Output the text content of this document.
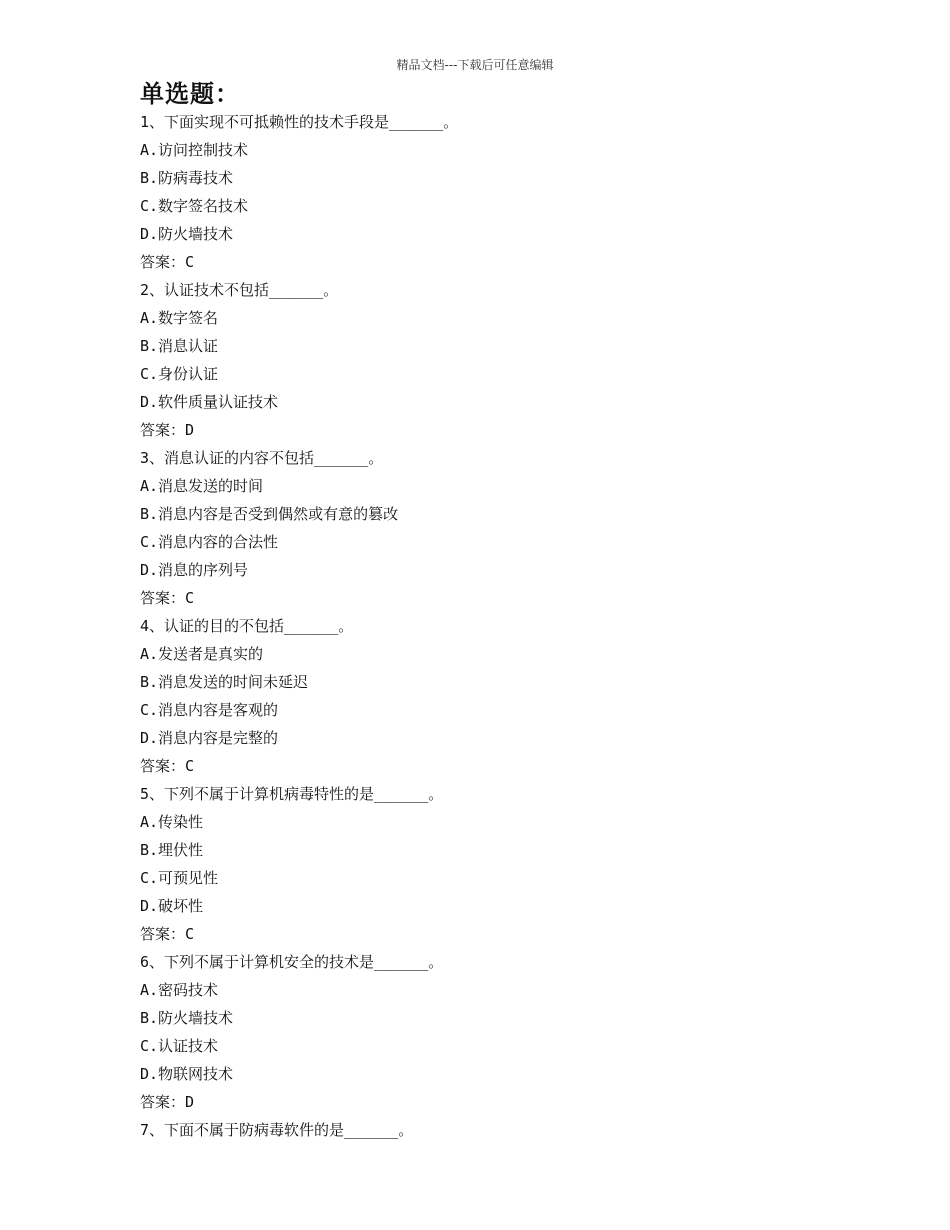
精品文档---下载后可任意编辑
单选题：
1、下面实现不可抵赖性的技术手段是______。
A.访问控制技术
B.防病毒技术
C.数字签名技术
D.防火墙技术
答案：C
2、认证技术不包括______。
A.数字签名
B.消息认证
C.身份认证
D.软件质量认证技术
答案：D
3、消息认证的内容不包括______。
A.消息发送的时间
B.消息内容是否受到偶然或有意的篡改
C.消息内容的合法性
D.消息的序列号
答案：C
4、认证的目的不包括______。
A.发送者是真实的
B.消息发送的时间未延迟
C.消息内容是客观的
D.消息内容是完整的
答案：C
5、下列不属于计算机病毒特性的是______。
A.传染性
B.埋伏性
C.可预见性
D.破坏性
答案：C
6、下列不属于计算机安全的技术是______。
A.密码技术
B.防火墙技术
C.认证技术
D.物联网技术
答案：D
7、下面不属于防病毒软件的是______。
